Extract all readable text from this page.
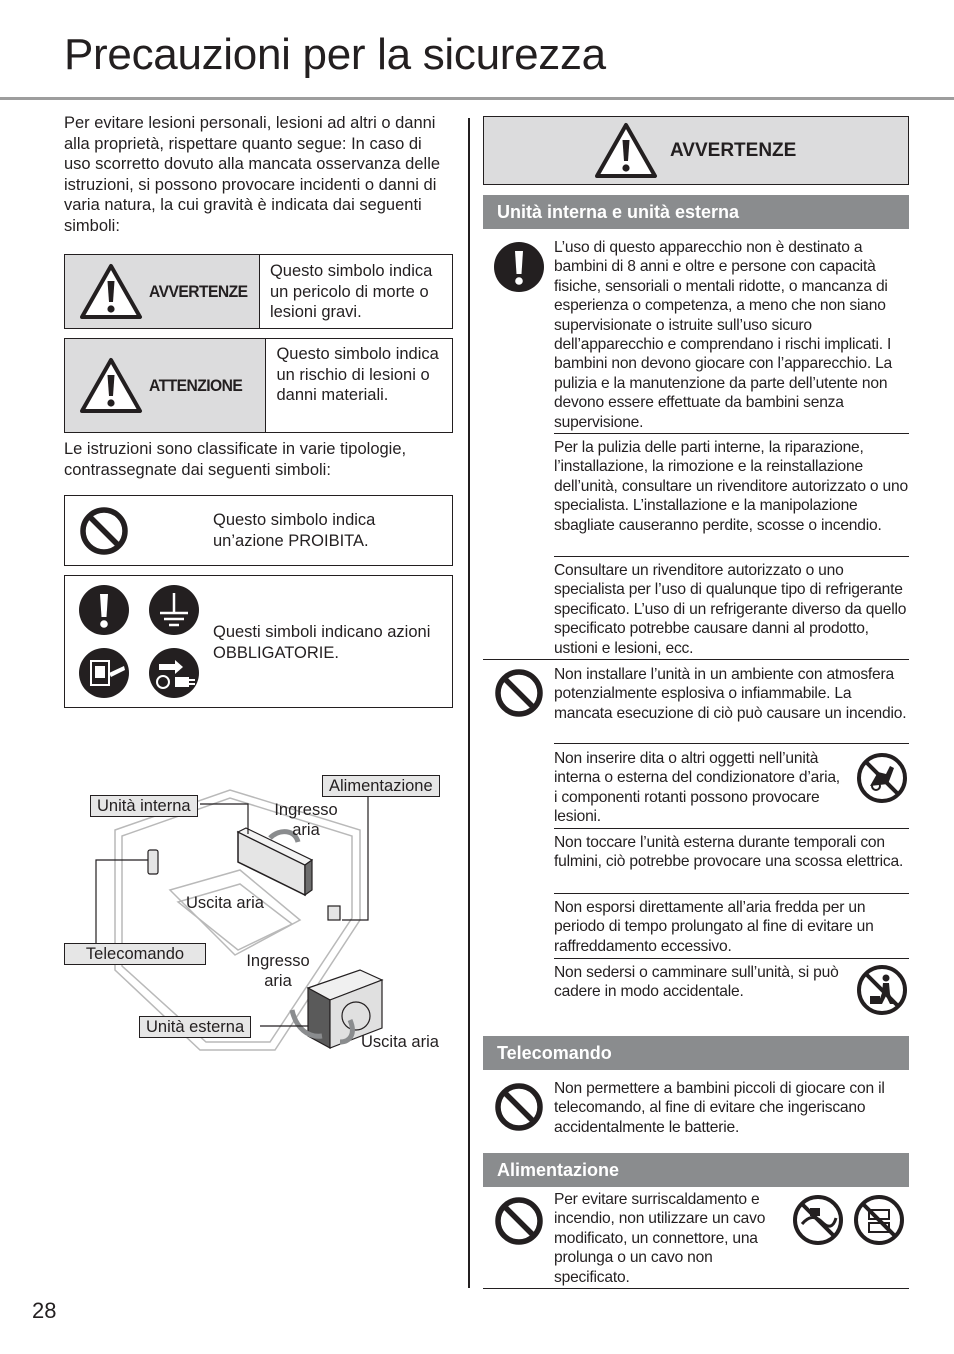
Precauzioni per la sicurezza
Per evitare lesioni personali, lesioni ad altri o danni alla proprietà, rispettare quanto segue: In caso di uso scorretto dovuto alla mancata osservanza delle istruzioni, si possono provocare incidenti o danni di varia natura, la cui gravità è indicata dai seguenti simboli:
AVVERTENZE
Questo simbolo indica un pericolo di morte o lesioni gravi.
ATTENZIONE
Questo simbolo indica un rischio di lesioni o danni materiali.
Le istruzioni sono classificate in varie tipologie, contrassegnate dai seguenti simboli:
Questo simbolo indica un’azione PROIBITA.
Questi simboli indicano azioni OBBLIGATORIE.
Unità interna
Alimentazione
Ingresso
aria
Uscita aria
Telecomando	Ingresso
aria
Unità esterna
Uscita aria
AVVERTENZE
Unità interna e unità esterna
L’uso di questo apparecchio non è destinato a bambini di 8 anni e oltre e persone con capacità fisiche, sensoriali o mentali ridotte, o mancanza di esperienza o competenza, a meno che non siano supervisionate o istruite sull’uso sicuro dell’apparecchio e comprendano i rischi implicati. I bambini non devono giocare con l’apparecchio. La pulizia e la manutenzione da parte dell’utente non devono essere effettuate da bambini senza supervisione.
Per la pulizia delle parti interne, la riparazione, l’installazione, la rimozione e la reinstallazione dell’unità, consultare un rivenditore autorizzato o uno specialista. L’installazione e la manipolazione sbagliate causeranno perdite, scosse o incendio.
Consultare un rivenditore autorizzato o uno specialista per l’uso di qualunque tipo di refrigerante specificato. L’uso di un refrigerante diverso da quello specificato potrebbe causare danni al prodotto, ustioni e lesioni, ecc.
Non installare l’unità in un ambiente con atmosfera potenzialmente esplosiva o infiammabile. La mancata esecuzione di ciò può causare un incendio.
Non inserire dita o altri oggetti nell’unità interna o esterna del condizionatore d’aria, i componenti rotanti possono provocare lesioni.
Non toccare l’unità esterna durante temporali con fulmini, ciò potrebbe provocare una scossa elettrica.
Non esporsi direttamente all’aria fredda per un periodo di tempo prolungato al fine di evitare un raffreddamento eccessivo.
Non sedersi o camminare sull’unità, si può cadere in modo accidentale.
Telecomando
Non permettere a bambini piccoli di giocare con il telecomando, al fine di evitare che ingeriscano accidentalmente le batterie.
Alimentazione
Per evitare surriscaldamento e incendio, non utilizzare un cavo modificato, un connettore, una prolunga o un cavo non specificato.
28
